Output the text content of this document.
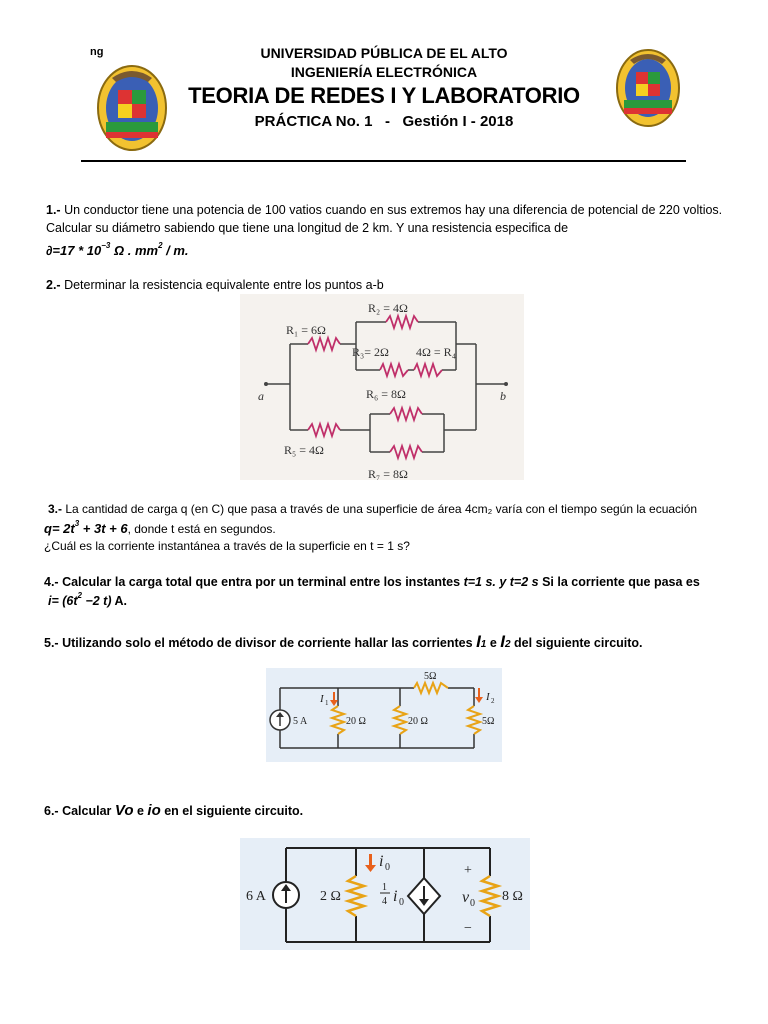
ng	UNIVERSIDAD PÚBLICA DE EL ALTO
INGENIERÍA ELECTRÓNICA
TEORIA DE REDES I Y LABORATORIO
PRÁCTICA No. 1   -   Gestión I - 2018
1.- Un conductor tiene una potencia de 100 vatios cuando en sus extremos hay una diferencia de potencial de 220 voltios. Calcular su diámetro sabiendo que tiene una longitud de 2 km. Y una resistencia especifica de
$\partial=17 * 10^{-3}$ Ω . $mm^2$ / m.
2.- Determinar la resistencia equivalente entre los puntos a-b
R₁ = 6Ω
R₂ = 4Ω
R₃= 2Ω 4Ω = R₄
R₆ = 8Ω
R₅ = 4Ω
R₇ = 8Ω
a	b
3.- La cantidad de carga q (en C) que pasa a través de una superficie de área 4cm₂ varía con el tiempo según la ecuación
$q= 2t^3 + 3t + 6$, donde t está en segundos.
¿Cuál es la corriente instantánea a través de la superficie en t = 1 s?
4.- Calcular la carga total que entra por un terminal entre los instantes t=1 s. y t=2 s Si la corriente que pasa es
$i= (6t^2 -2$ t) A.
5.- Utilizando solo el método de divisor de corriente hallar las corrientes I1 e I2 del siguiente circuito.
5 A	20 Ω	20 Ω	5Ω
5Ω
I 1	I 2
6.- Calcular Vo e io en el siguiente circuito.
6 A	2 Ω
1
4 i 0
i 0	+
v 0
−
8 Ω
